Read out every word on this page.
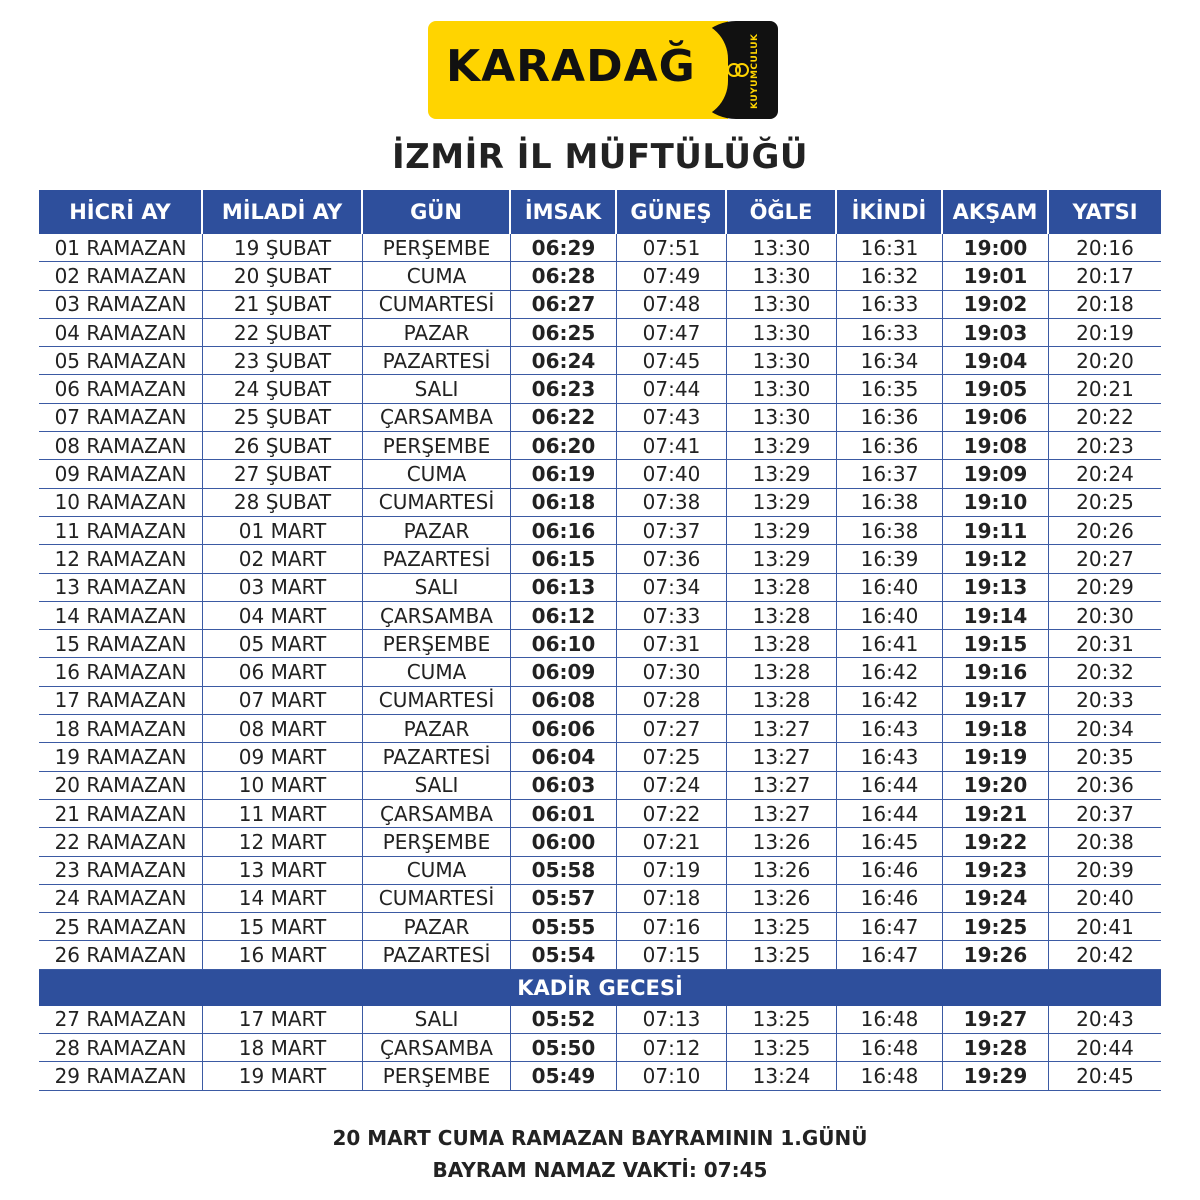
KARADAĞ	KUYUMCULUK
İZMİR İL MÜFTÜLÜĞÜ
HİCRİ AY	MİLADİ AY	GÜN	İMSAK	GÜNEŞ	ÖĞLE	İKİNDİ	AKŞAM	YATSI
01 RAMAZAN	19 ŞUBAT	PERŞEMBE	06:29	07:51	13:30	16:31	19:00	20:16
02 RAMAZAN	20 ŞUBAT	CUMA	06:28	07:49	13:30	16:32	19:01	20:17
03 RAMAZAN	21 ŞUBAT	CUMARTESİ	06:27	07:48	13:30	16:33	19:02	20:18
04 RAMAZAN	22 ŞUBAT	PAZAR	06:25	07:47	13:30	16:33	19:03	20:19
05 RAMAZAN	23 ŞUBAT	PAZARTESİ	06:24	07:45	13:30	16:34	19:04	20:20
06 RAMAZAN	24 ŞUBAT	SALI	06:23	07:44	13:30	16:35	19:05	20:21
07 RAMAZAN	25 ŞUBAT	ÇARSAMBA	06:22	07:43	13:30	16:36	19:06	20:22
08 RAMAZAN	26 ŞUBAT	PERŞEMBE	06:20	07:41	13:29	16:36	19:08	20:23
09 RAMAZAN	27 ŞUBAT	CUMA	06:19	07:40	13:29	16:37	19:09	20:24
10 RAMAZAN	28 ŞUBAT	CUMARTESİ	06:18	07:38	13:29	16:38	19:10	20:25
11 RAMAZAN	01 MART	PAZAR	06:16	07:37	13:29	16:38	19:11	20:26
12 RAMAZAN	02 MART	PAZARTESİ	06:15	07:36	13:29	16:39	19:12	20:27
13 RAMAZAN	03 MART	SALI	06:13	07:34	13:28	16:40	19:13	20:29
14 RAMAZAN	04 MART	ÇARSAMBA	06:12	07:33	13:28	16:40	19:14	20:30
15 RAMAZAN	05 MART	PERŞEMBE	06:10	07:31	13:28	16:41	19:15	20:31
16 RAMAZAN	06 MART	CUMA	06:09	07:30	13:28	16:42	19:16	20:32
17 RAMAZAN	07 MART	CUMARTESİ	06:08	07:28	13:28	16:42	19:17	20:33
18 RAMAZAN	08 MART	PAZAR	06:06	07:27	13:27	16:43	19:18	20:34
19 RAMAZAN	09 MART	PAZARTESİ	06:04	07:25	13:27	16:43	19:19	20:35
20 RAMAZAN	10 MART	SALI	06:03	07:24	13:27	16:44	19:20	20:36
21 RAMAZAN	11 MART	ÇARSAMBA	06:01	07:22	13:27	16:44	19:21	20:37
22 RAMAZAN	12 MART	PERŞEMBE	06:00	07:21	13:26	16:45	19:22	20:38
23 RAMAZAN	13 MART	CUMA	05:58	07:19	13:26	16:46	19:23	20:39
24 RAMAZAN	14 MART	CUMARTESİ	05:57	07:18	13:26	16:46	19:24	20:40
25 RAMAZAN	15 MART	PAZAR	05:55	07:16	13:25	16:47	19:25	20:41
26 RAMAZAN	16 MART	PAZARTESİ	05:54	07:15	13:25	16:47	19:26	20:42
KADİR GECESİ
27 RAMAZAN	17 MART	SALI	05:52	07:13	13:25	16:48	19:27	20:43
28 RAMAZAN	18 MART	ÇARSAMBA	05:50	07:12	13:25	16:48	19:28	20:44
29 RAMAZAN	19 MART	PERŞEMBE	05:49	07:10	13:24	16:48	19:29	20:45
20 MART CUMA RAMAZAN BAYRAMININ 1.GÜNÜ
BAYRAM NAMAZ VAKTİ: 07:45
